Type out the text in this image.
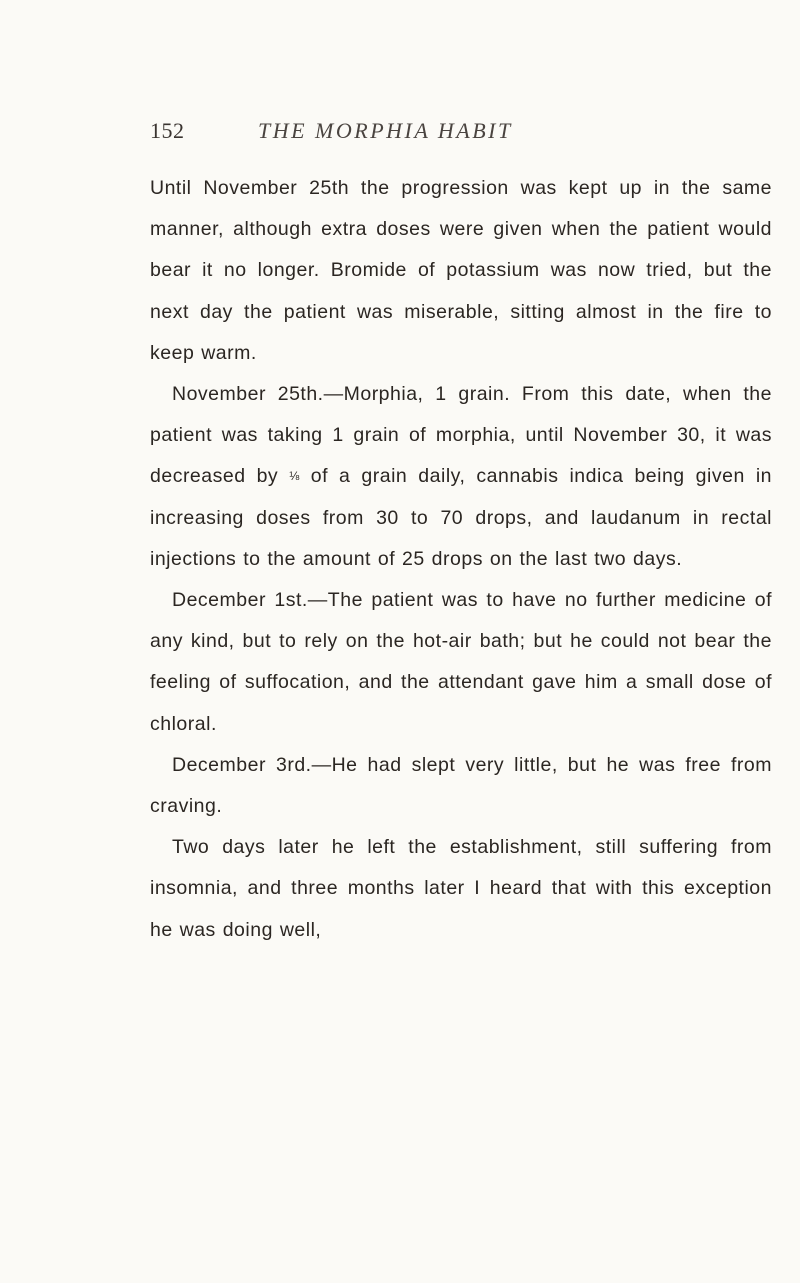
152	THE MORPHIA HABIT

Until November 25th the progression was kept up in the same manner, although extra doses were given when the patient would bear it no longer. Bromide of potassium was now tried, but the next day the patient was miserable, sitting almost in the fire to keep warm.

November 25th.—Morphia, 1 grain. From this date, when the patient was taking 1 grain of morphia, until November 30, it was decreased by ⅛ of a grain daily, cannabis indica being given in increasing doses from 30 to 70 drops, and laudanum in rectal injections to the amount of 25 drops on the last two days.

December 1st.—The patient was to have no further medicine of any kind, but to rely on the hot-air bath; but he could not bear the feeling of suffocation, and the attendant gave him a small dose of chloral.

December 3rd.—He had slept very little, but he was free from craving.

Two days later he left the establishment, still suffering from insomnia, and three months later I heard that with this exception he was doing well,
